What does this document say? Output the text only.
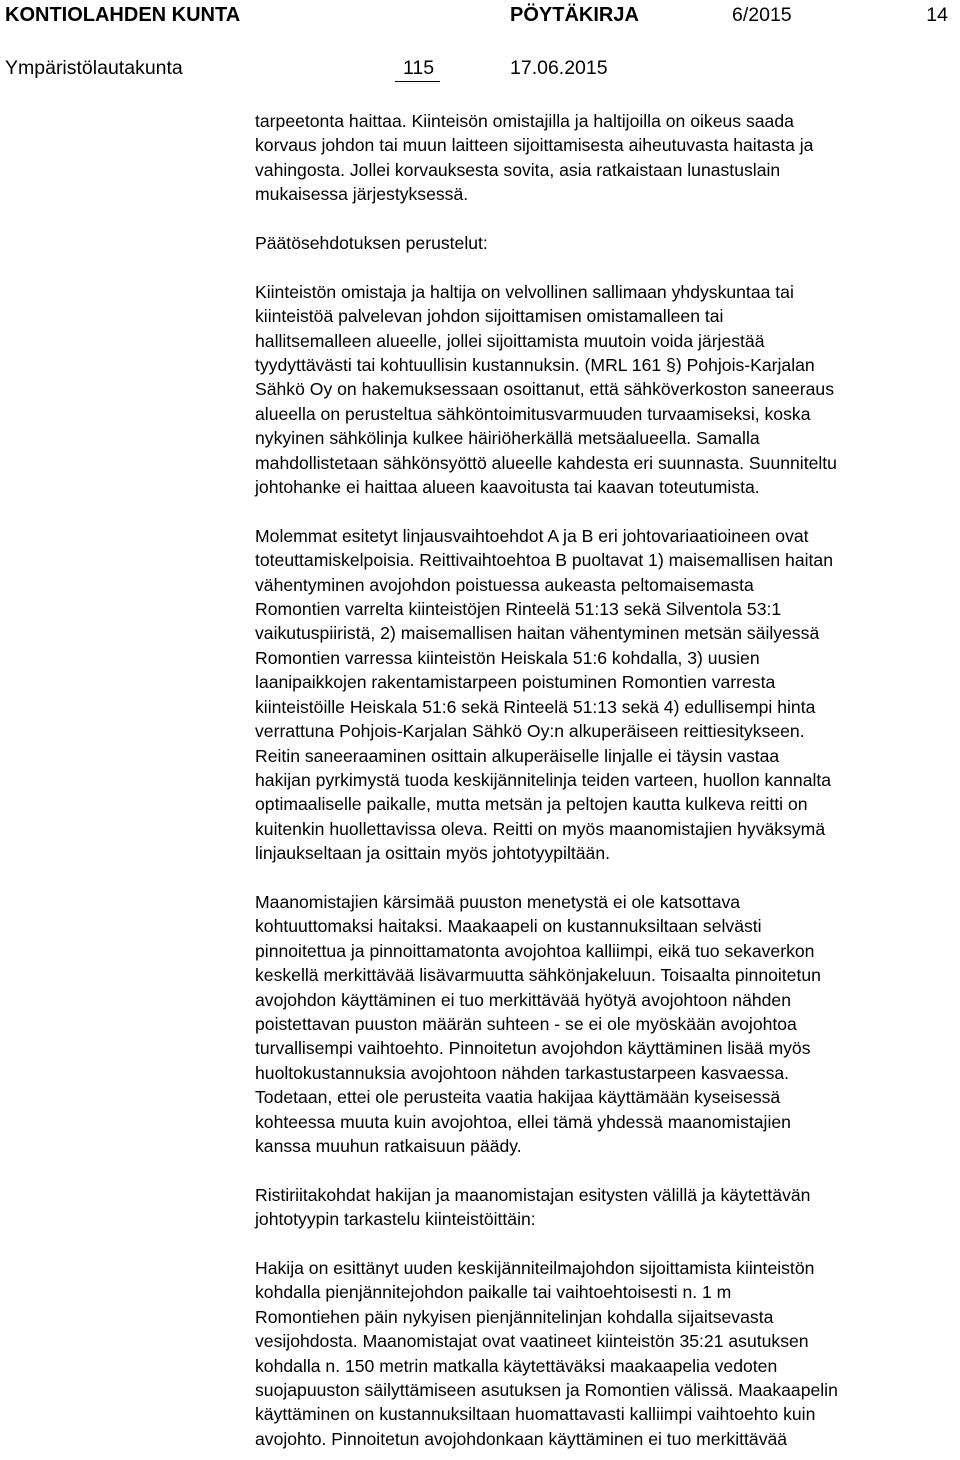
KONTIOLAHDEN KUNTA	PÖYTÄKIRJA	6/2015	14
Ympäristölautakunta	115	17.06.2015

tarpeetonta haittaa. Kiinteisön omistajilla ja haltijoilla on oikeus saada
korvaus johdon tai muun laitteen sijoittamisesta aiheutuvasta haitasta ja
vahingosta. Jollei korvauksesta sovita, asia ratkaistaan lunastuslain
mukaisessa järjestyksessä.

Päätösehdotuksen perustelut:

Kiinteistön omistaja ja haltija on velvollinen sallimaan yhdyskuntaa tai
kiinteistöä palvelevan johdon sijoittamisen omistamalleen tai
hallitsemalleen alueelle, jollei sijoittamista muutoin voida järjestää
tyydyttävästi tai kohtuullisin kustannuksin. (MRL 161 §) Pohjois-Karjalan
Sähkö Oy on hakemuksessaan osoittanut, että sähköverkoston saneeraus
alueella on perusteltua sähköntoimitusvarmuuden turvaamiseksi, koska
nykyinen sähkölinja kulkee häiriöherkällä metsäalueella. Samalla
mahdollistetaan sähkönsyöttö alueelle kahdesta eri suunnasta. Suunniteltu
johtohanke ei haittaa alueen kaavoitusta tai kaavan toteutumista.

Molemmat esitetyt linjausvaihtoehdot A ja B eri johtovariaatioineen ovat
toteuttamiskelpoisia. Reittivaihtoehtoa B puoltavat 1) maisemallisen haitan
vähentyminen avojohdon poistuessa aukeasta peltomaisemasta
Romontien varrelta kiinteistöjen Rinteelä 51:13 sekä Silventola 53:1
vaikutuspiiristä, 2) maisemallisen haitan vähentyminen metsän säilyessä
Romontien varressa kiinteistön Heiskala 51:6 kohdalla, 3) uusien
laanipaikkojen rakentamistarpeen poistuminen Romontien varresta
kiinteistöille Heiskala 51:6 sekä Rinteelä 51:13 sekä 4) edullisempi hinta
verrattuna Pohjois-Karjalan Sähkö Oy:n alkuperäiseen reittiesitykseen.
Reitin saneeraaminen osittain alkuperäiselle linjalle ei täysin vastaa
hakijan pyrkimystä tuoda keskijännitelinja teiden varteen, huollon kannalta
optimaaliselle paikalle, mutta metsän ja peltojen kautta kulkeva reitti on
kuitenkin huollettavissa oleva. Reitti on myös maanomistajien hyväksymä
linjaukseltaan ja osittain myös johtotyypiltään.

Maanomistajien kärsimää puuston menetystä ei ole katsottava
kohtuuttomaksi haitaksi. Maakaapeli on kustannuksiltaan selvästi
pinnoitettua ja pinnoittamatonta avojohtoa kalliimpi, eikä tuo sekaverkon
keskellä merkittävää lisävarmuutta sähkönjakeluun. Toisaalta pinnoitetun
avojohdon käyttäminen ei tuo merkittävää hyötyä avojohtoon nähden
poistettavan puuston määrän suhteen - se ei ole myöskään avojohtoa
turvallisempi vaihtoehto. Pinnoitetun avojohdon käyttäminen lisää myös
huoltokustannuksia avojohtoon nähden tarkastustarpeen kasvaessa.
Todetaan, ettei ole perusteita vaatia hakijaa käyttämään kyseisessä
kohteessa muuta kuin avojohtoa, ellei tämä yhdessä maanomistajien
kanssa muuhun ratkaisuun päädy.

Ristiriitakohdat hakijan ja maanomistajan esitysten välillä ja käytettävän
johtotyypin tarkastelu kiinteistöittäin:

Hakija on esittänyt uuden keskijänniteilmajohdon sijoittamista kiinteistön
kohdalla pienjännitejohdon paikalle tai vaihtoehtoisesti n. 1 m
Romontiehen päin nykyisen pienjännitelinjan kohdalla sijaitsevasta
vesijohdosta. Maanomistajat ovat vaatineet kiinteistön 35:21 asutuksen
kohdalla n. 150 metrin matkalla käytettäväksi maakaapelia vedoten
suojapuuston säilyttämiseen asutuksen ja Romontien välissä. Maakaapelin
käyttäminen on kustannuksiltaan huomattavasti kalliimpi vaihtoehto kuin
avojohto. Pinnoitetun avojohdonkaan käyttäminen ei tuo merkittävää
